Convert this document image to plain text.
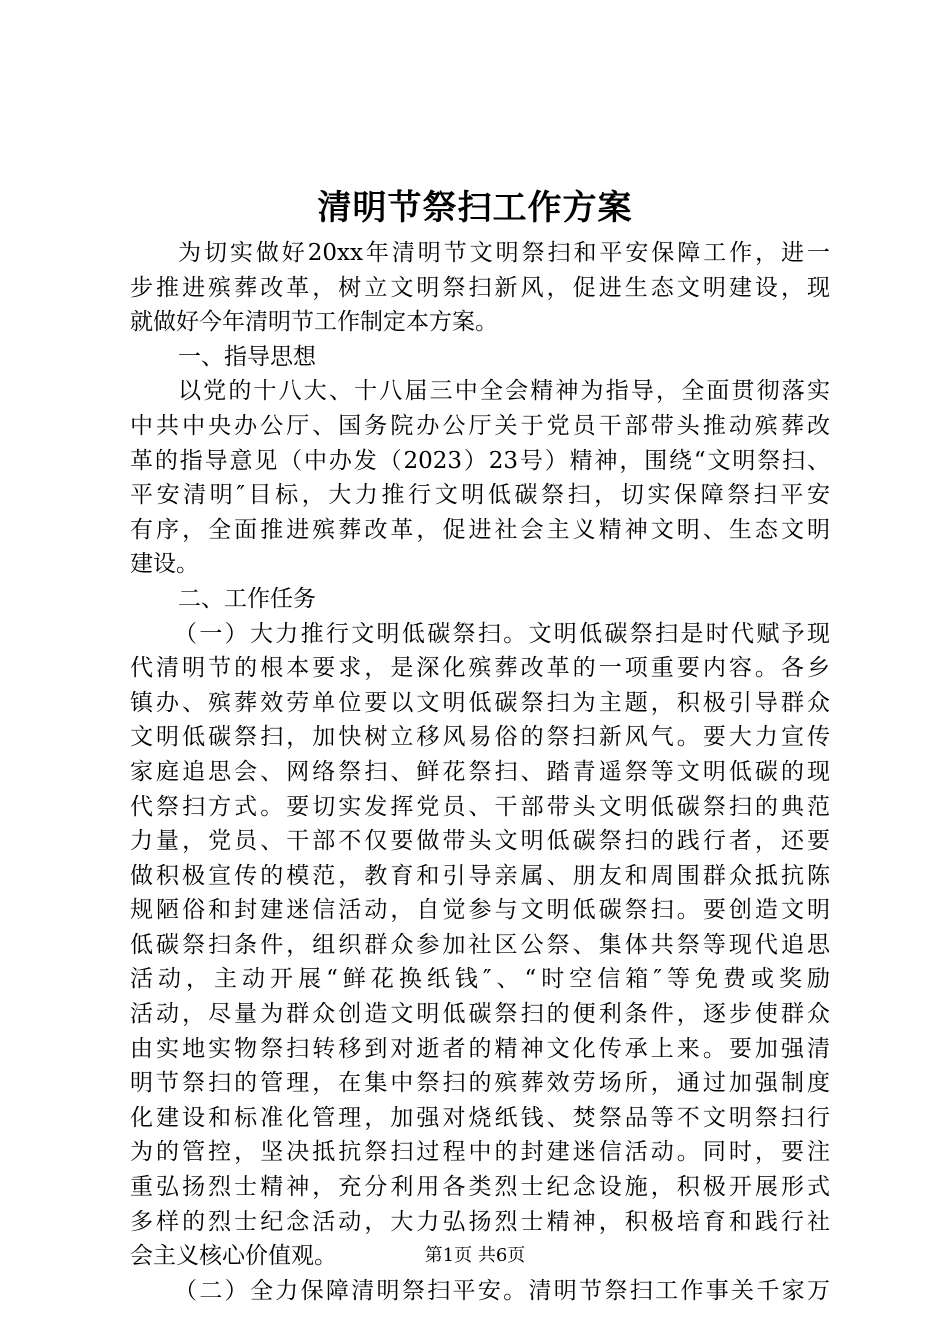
清明节祭扫工作方案
为切实做好20xx年清明节文明祭扫和平安保障工作，进一
步推进殡葬改革，树立文明祭扫新风，促进生态文明建设，现
就做好今年清明节工作制定本方案。
一、指导思想
以党的十八大、十八届三中全会精神为指导，全面贯彻落实
中共中央办公厅、国务院办公厅关于党员干部带头推动殡葬改
革的指导意见（中办发（2023）23号）精神，围绕“文明祭扫、
平安清明″目标，大力推行文明低碳祭扫，切实保障祭扫平安
有序，全面推进殡葬改革，促进社会主义精神文明、生态文明
建设。
二、工作任务
（一）大力推行文明低碳祭扫。文明低碳祭扫是时代赋予现
代清明节的根本要求，是深化殡葬改革的一项重要内容。各乡
镇办、殡葬效劳单位要以文明低碳祭扫为主题，积极引导群众
文明低碳祭扫，加快树立移风易俗的祭扫新风气。要大力宣传
家庭追思会、网络祭扫、鲜花祭扫、踏青遥祭等文明低碳的现
代祭扫方式。要切实发挥党员、干部带头文明低碳祭扫的典范
力量，党员、干部不仅要做带头文明低碳祭扫的践行者，还要
做积极宣传的模范，教育和引导亲属、朋友和周围群众抵抗陈
规陋俗和封建迷信活动，自觉参与文明低碳祭扫。要创造文明
低碳祭扫条件，组织群众参加社区公祭、集体共祭等现代追思
活动，主动开展“鲜花换纸钱″、“时空信箱″等免费或奖励
活动，尽量为群众创造文明低碳祭扫的便利条件，逐步使群众
由实地实物祭扫转移到对逝者的精神文化传承上来。要加强清
明节祭扫的管理，在集中祭扫的殡葬效劳场所，通过加强制度
化建设和标准化管理，加强对烧纸钱、焚祭品等不文明祭扫行
为的管控，坚决抵抗祭扫过程中的封建迷信活动。同时，要注
重弘扬烈士精神，充分利用各类烈士纪念设施，积极开展形式
多样的烈士纪念活动，大力弘扬烈士精神，积极培育和践行社
会主义核心价值观。
（二）全力保障清明祭扫平安。清明节祭扫工作事关千家万
第1页 共6页
